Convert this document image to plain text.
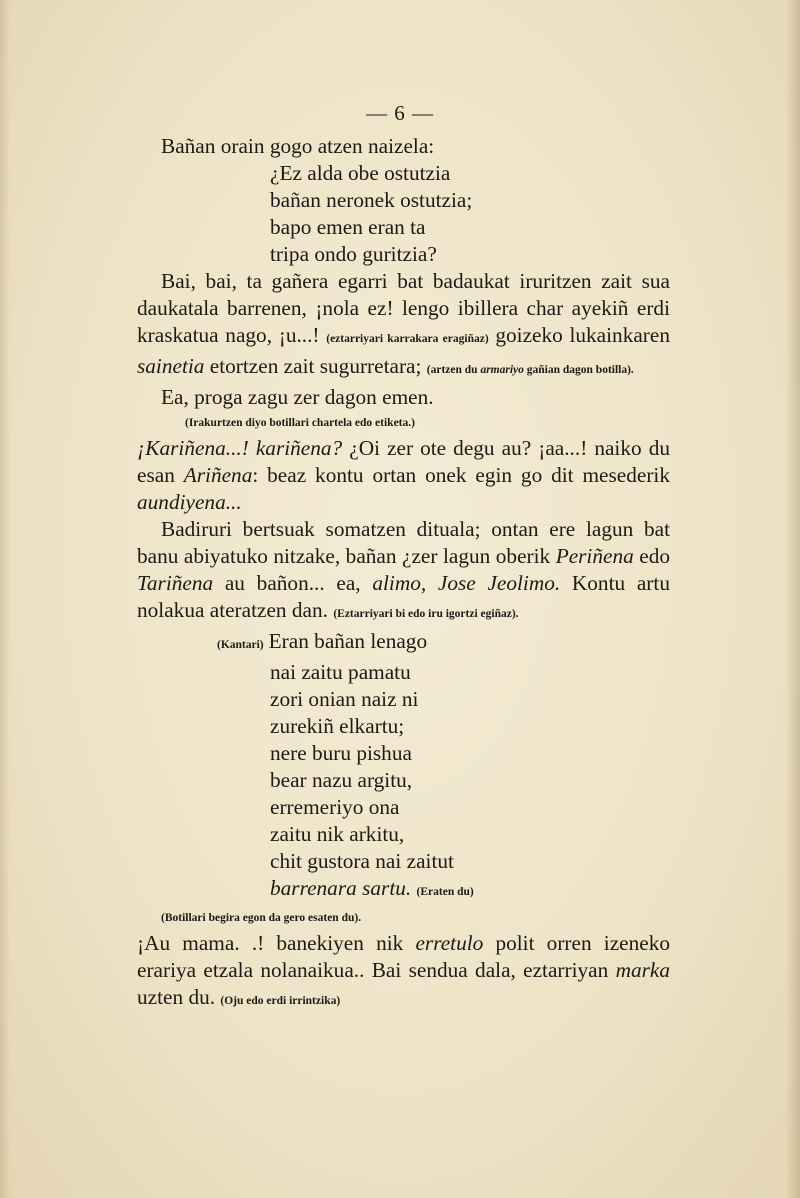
— 6 —

Bañan orain gogo atzen naizela:

¿Ez alda obe ostutzia

bañan neronek ostutzia;

bapo emen eran ta

tripa ondo guritzia?

Bai, bai, ta gañera egarri bat badaukat iruritzen zait sua daukatala barrenen, ¡nola ez! lengo ibillera char ayekiñ erdi kraskatua nago, ¡u...! (eztarriyari karrakara eragiñaz) goizeko lukainkaren sainetia etortzen zait sugurretara; (artzen du armariyo gañian dagon botilla).

Ea, proga zagu zer dagon emen.

(Irakurtzen diyo botillari chartela edo etiketa.)

¡Kariñena...! kariñena? ¿Oi zer ote degu au? ¡aa...! naiko du esan Ariñena: beaz kontu ortan onek egin go dit mesederik aundiyena...

Badiruri bertsuak somatzen dituala; ontan ere lagun bat banu abiyatuko nitzake, bañan ¿zer lagun oberik Periñena edo Tariñena au bañon... ea, alimo, Jose Jeolimo. Kontu artu nolakua ateratzen dan. (Eztarriyari bi edo iru igortzi egiñaz).

(Kantari) Eran bañan lenago

nai zaitu pamatu

zori onian naiz ni

zurekiñ elkartu;

nere buru pishua

bear nazu argitu,

erremeriyo ona

zaitu nik arkitu,

chit gustora nai zaitut

barrenara sartu. (Eraten du)

(Botillari begira egon da gero esaten du).

¡Au mama. .! banekiyen nik erretulo polit orren izeneko erariya etzala nolanaikua.. Bai sendua dala, eztarriyan marka uzten du. (Oju edo erdi irrintzika)
